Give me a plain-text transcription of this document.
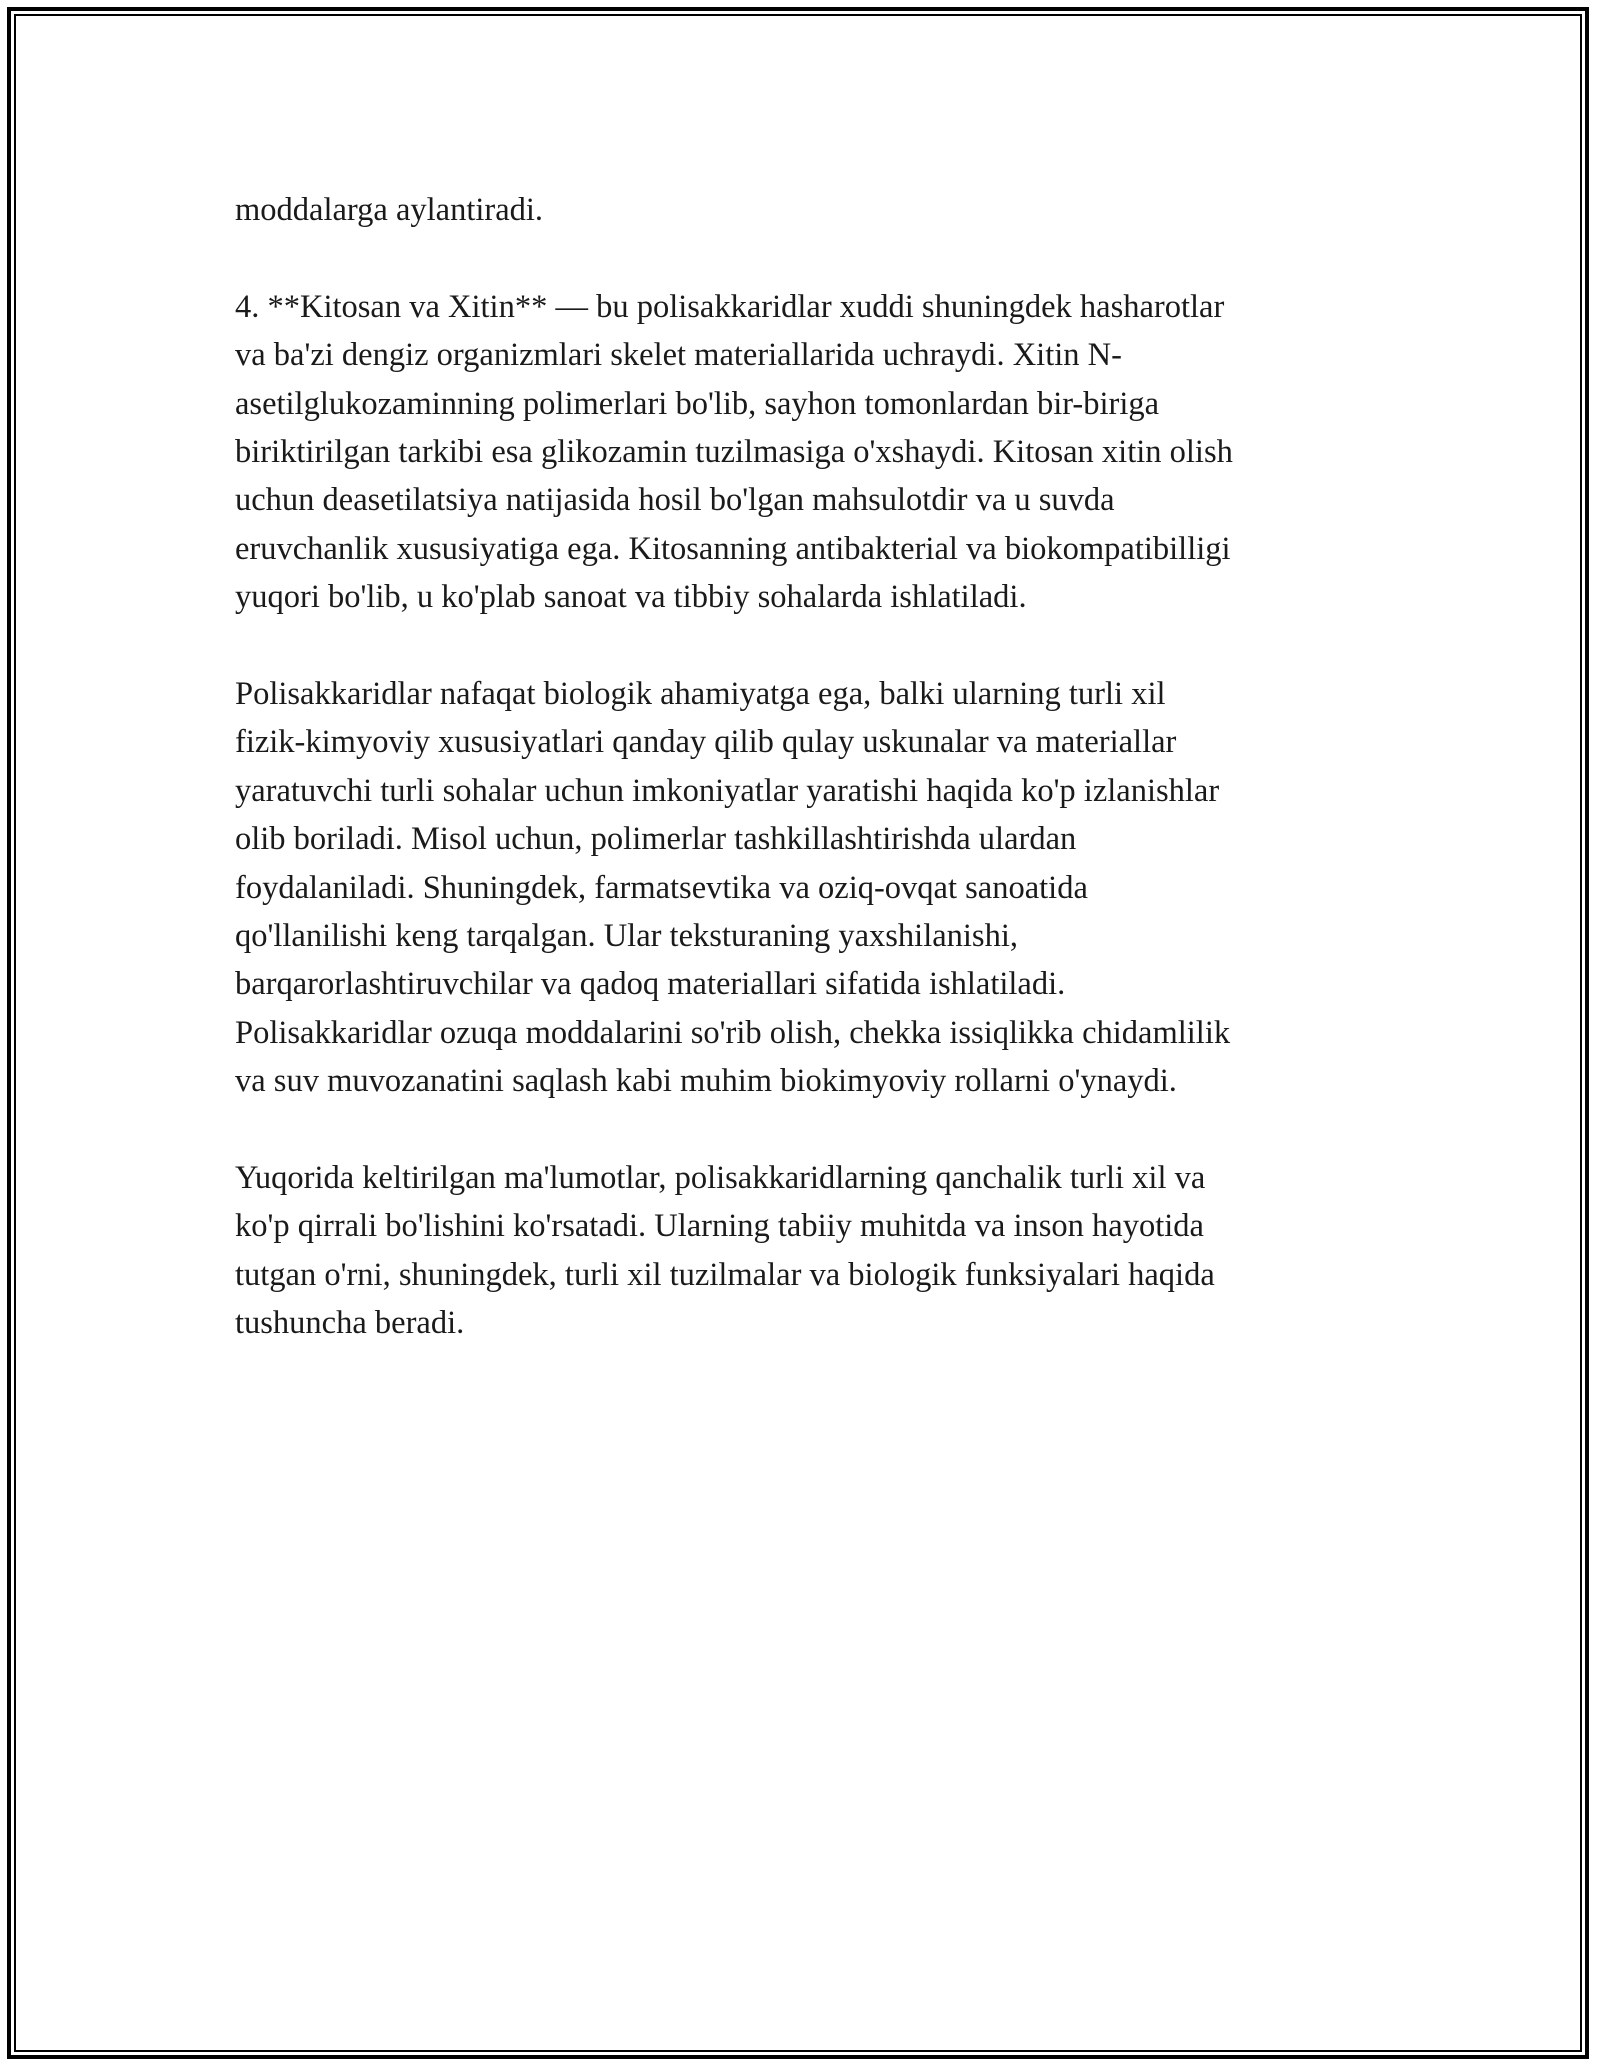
moddalarga aylantiradi.

4. **Kitosan va Xitin** — bu polisakkaridlar xuddi shuningdek hasharotlar
va ba'zi dengiz organizmlari skelet materiallarida uchraydi. Xitin N-
asetilglukozaminning polimerlari bo'lib, sayhon tomonlardan bir-biriga
biriktirilgan tarkibi esa glikozamin tuzilmasiga o'xshaydi. Kitosan xitin olish
uchun deasetilatsiya natijasida hosil bo'lgan mahsulotdir va u suvda
eruvchanlik xususiyatiga ega. Kitosanning antibakterial va biokompatibilligi
yuqori bo'lib, u ko'plab sanoat va tibbiy sohalarda ishlatiladi.

Polisakkaridlar nafaqat biologik ahamiyatga ega, balki ularning turli xil
fizik-kimyoviy xususiyatlari qanday qilib qulay uskunalar va materiallar
yaratuvchi turli sohalar uchun imkoniyatlar yaratishi haqida ko'p izlanishlar
olib boriladi. Misol uchun, polimerlar tashkillashtirishda ulardan
foydalaniladi. Shuningdek, farmatsevtika va oziq-ovqat sanoatida
qo'llanilishi keng tarqalgan. Ular teksturaning yaxshilanishi,
barqarorlashtiruvchilar va qadoq materiallari sifatida ishlatiladi.
Polisakkaridlar ozuqa moddalarini so'rib olish, chekka issiqlikka chidamlilik
va suv muvozanatini saqlash kabi muhim biokimyoviy rollarni o'ynaydi.

Yuqorida keltirilgan ma'lumotlar, polisakkaridlarning qanchalik turli xil va
ko'p qirrali bo'lishini ko'rsatadi. Ularning tabiiy muhitda va inson hayotida
tutgan o'rni, shuningdek, turli xil tuzilmalar va biologik funksiyalari haqida
tushuncha beradi.
